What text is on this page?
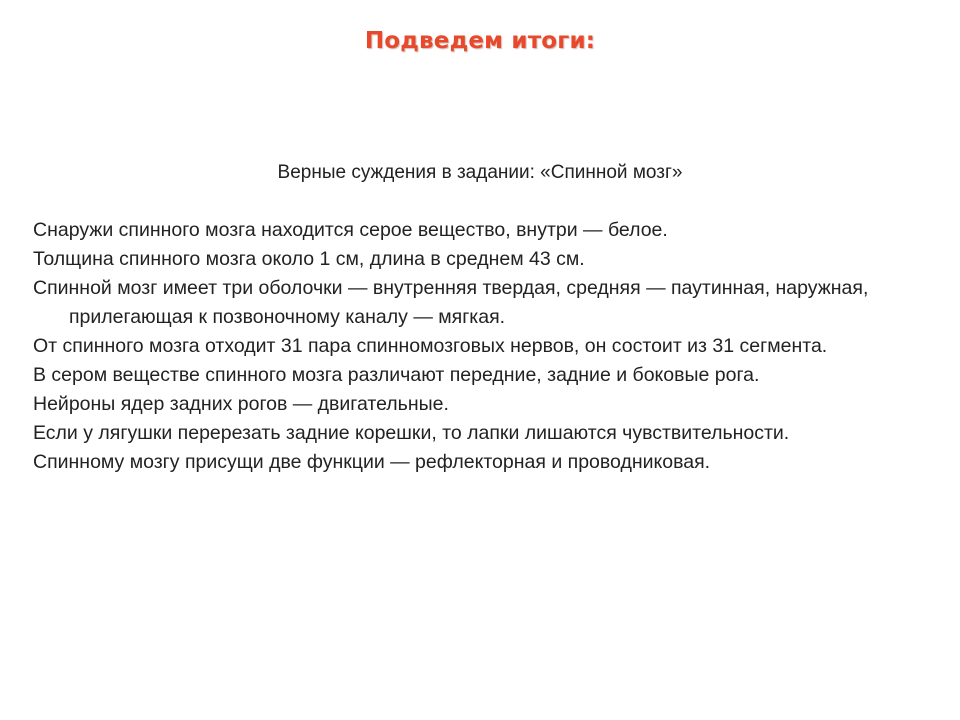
Подведем итоги:
Верные суждения в задании: «Спинной мозг»
Снаружи спинного мозга находится серое вещество, внутри — белое.
Толщина спинного мозга около 1 см, длина в среднем 43 см.
Спинной мозг имеет три оболочки — внутренняя твердая, средняя — паутинная, наружная, прилегающая к позвоночному каналу — мягкая.
От спинного мозга отходит 31 пара спинномозговых нервов, он состоит из 31 сегмента.
В сером веществе спинного мозга различают передние, задние и боковые рога.
Нейроны ядер задних рогов — двигательные.
Если у лягушки перерезать задние корешки, то лапки лишаются чувствительности.
Спинному мозгу присущи две функции — рефлекторная и проводниковая.
